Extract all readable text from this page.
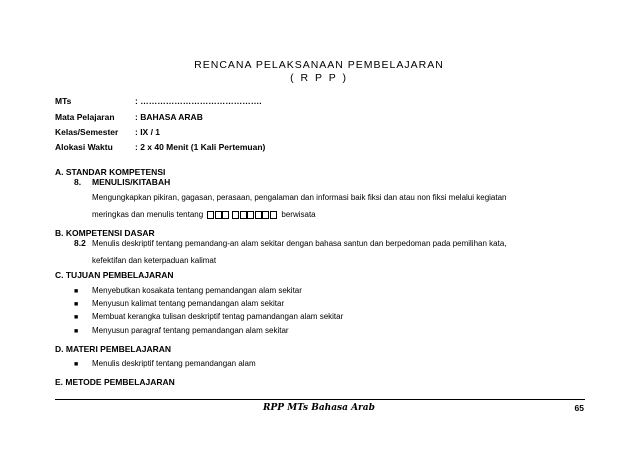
RENCANA PELAKSANAAN PEMBELAJARAN
( R P P )
MTs	: …………………………………….
Mata Pelajaran : BAHASA ARAB
Kelas/Semester : IX / 1
Alokasi Waktu	: 2 x 40 Menit (1 Kali Pertemuan)
A. STANDAR KOMPETENSI
8. MENULIS/KITABAH
Mengungkapkan pikiran, gagasan, perasaan, pengalaman dan informasi baik fiksi dan atau non fiksi melalui kegiatan
meringkas dan menulis tentang	berwisata
B. KOMPETENSI DASAR
8.2 Menulis deskriptif tentang pemandang-an alam sekitar dengan bahasa santun dan berpedoman pada pemilihan kata,
kefektifan dan keterpaduan kalimat
C. TUJUAN PEMBELAJARAN
■ Menyebutkan kosakata tentang pemandangan alam sekitar
■ Menyusun kalimat tentang pemandangan alam sekitar
■ Membuat kerangka tulisan deskriptif tentag pamandangan alam sekitar
■ Menyusun paragraf tentang pemandangan alam sekitar
D. MATERI PEMBELAJARAN
■ Menulis deskriptif tentang pemandangan alam
E. METODE PEMBELAJARAN
RPP MTs Bahasa Arab	65
